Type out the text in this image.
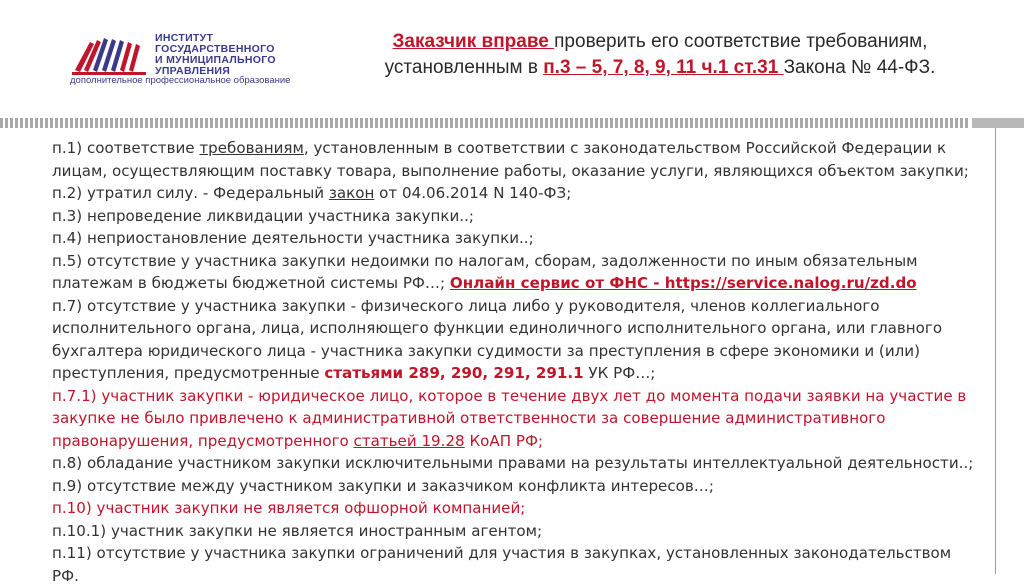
ИНСТИТУТ
ГОСУДАРСТВЕННОГО
И МУНИЦИПАЛЬНОГО
УПРАВЛЕНИЯ
дополнительное профессиональное образование
Заказчик вправе проверить его соответствие требованиям, установленным в п.3 – 5, 7, 8, 9, 11 ч.1 ст.31 Закона № 44-ФЗ.

п.1) соответствие требованиям, установленным в соответствии с законодательством Российской Федерации к лицам, осуществляющим поставку товара, выполнение работы, оказание услуги, являющихся объектом закупки;

п.2) утратил силу. - Федеральный закон от 04.06.2014 N 140-ФЗ;

п.3) непроведение ликвидации участника закупки..;

п.4) неприостановление деятельности участника закупки..;

п.5) отсутствие у участника закупки недоимки по налогам, сборам, задолженности по иным обязательным платежам в бюджеты бюджетной системы РФ…; Онлайн сервис от ФНС - https://service.nalog.ru/zd.do

п.7) отсутствие у участника закупки - физического лица либо у руководителя, членов коллегиального исполнительного органа, лица, исполняющего функции единоличного исполнительного органа, или главного бухгалтера юридического лица - участника закупки судимости за преступления в сфере экономики и (или) преступления, предусмотренные статьями 289, 290, 291, 291.1 УК РФ…;

п.7.1) участник закупки - юридическое лицо, которое в течение двух лет до момента подачи заявки на участие в закупке не было привлечено к административной ответственности за совершение административного правонарушения, предусмотренного статьей 19.28 КоАП РФ;

п.8) обладание участником закупки исключительными правами на результаты интеллектуальной деятельности..;

п.9) отсутствие между участником закупки и заказчиком конфликта интересов…;

п.10) участник закупки не является офшорной компанией;

п.10.1) участник закупки не является иностранным агентом;

п.11) отсутствие у участника закупки ограничений для участия в закупках, установленных законодательством РФ.
